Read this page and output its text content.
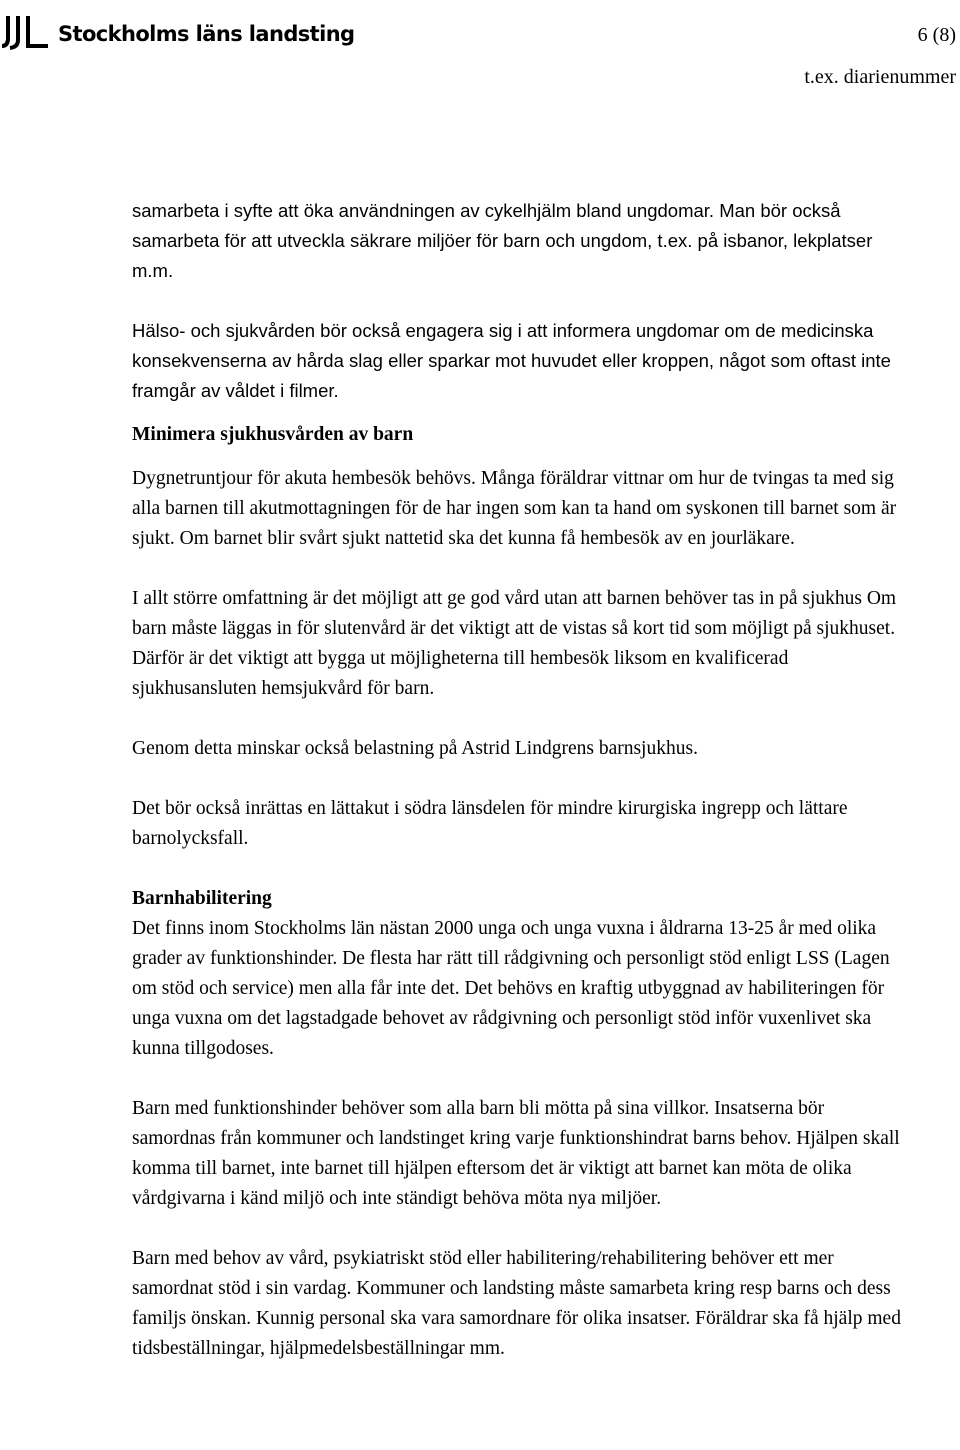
Stockholms läns landsting	6 (8)
t.ex. diarienummer

samarbeta i syfte att öka användningen av cykelhjälm bland ungdomar. Man bör också samarbeta för att utveckla säkrare miljöer för barn och ungdom, t.ex. på isbanor, lekplatser m.m.

Hälso- och sjukvården bör också engagera sig i att informera ungdomar om de medicinska konsekvenserna av hårda slag eller sparkar mot huvudet eller kroppen, något som oftast inte framgår av våldet i filmer.

Minimera sjukhusvården av barn

Dygnetruntjour för akuta hembesök behövs. Många föräldrar vittnar om hur de tvingas ta med sig alla barnen till akutmottagningen för de har ingen som kan ta hand om syskonen till barnet som är sjukt. Om barnet blir svårt sjukt nattetid ska det kunna få hembesök av en jourläkare.

I allt större omfattning är det möjligt att ge god vård utan att barnen behöver tas in på sjukhus Om barn måste läggas in för slutenvård är det viktigt att de vistas så kort tid som möjligt på sjukhuset. Därför är det viktigt att bygga ut möjligheterna till hembesök liksom en kvalificerad sjukhusansluten hemsjukvård för barn.

Genom detta minskar också belastning på Astrid Lindgrens barnsjukhus.

Det bör också inrättas en lättakut i södra länsdelen för mindre kirurgiska ingrepp och lättare barnolycksfall.

Barnhabilitering

Det finns inom Stockholms län nästan 2000 unga och unga vuxna i åldrarna 13-25 år med olika grader av funktionshinder. De flesta har rätt till rådgivning och personligt stöd enligt LSS (Lagen om stöd och service) men alla får inte det. Det behövs en kraftig utbyggnad av habiliteringen för unga vuxna om det lagstadgade behovet av rådgivning och personligt stöd inför vuxenlivet ska kunna tillgodoses.

Barn med funktionshinder behöver som alla barn bli mötta på sina villkor. Insatserna bör samordnas från kommuner och landstinget kring varje funktionshindrat barns behov. Hjälpen skall komma till barnet, inte barnet till hjälpen eftersom det är viktigt att barnet kan möta de olika vårdgivarna i känd miljö och inte ständigt behöva möta nya miljöer.

Barn med behov av vård, psykiatriskt stöd eller habilitering/rehabilitering behöver ett mer samordnat stöd i sin vardag. Kommuner och landsting måste samarbeta kring resp barns och dess familjs önskan. Kunnig personal ska vara samordnare för olika insatser. Föräldrar ska få hjälp med tidsbeställningar, hjälpmedelsbeställningar mm.
